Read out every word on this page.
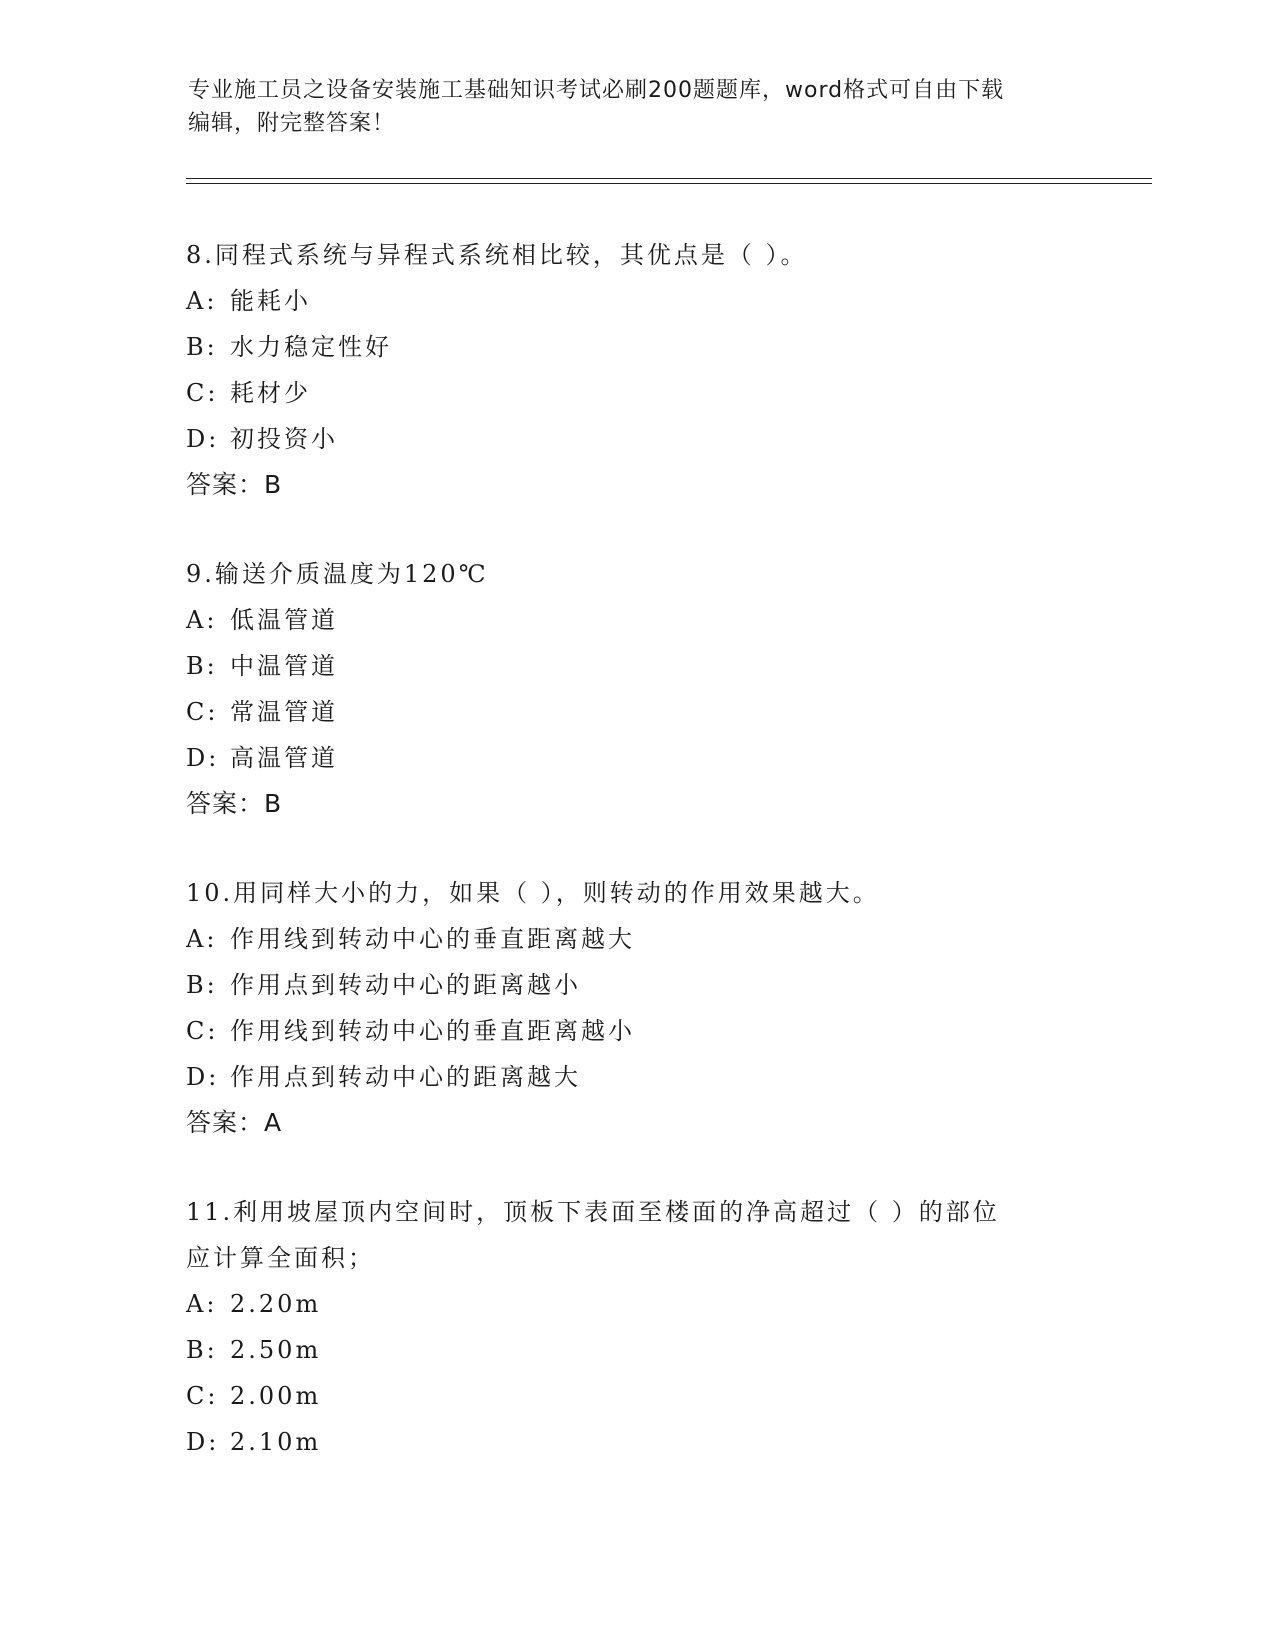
专业施工员之设备安装施工基础知识考试必刷200题题库，word格式可自由下载
编辑，附完整答案！
8.同程式系统与异程式系统相比较，其优点是（ ）。
A: 能耗小
B: 水力稳定性好
C: 耗材少
D: 初投资小
答案：B
9.输送介质温度为120℃
A: 低温管道
B: 中温管道
C: 常温管道
D: 高温管道
答案：B
10.用同样大小的力，如果（ ），则转动的作用效果越大。
A: 作用线到转动中心的垂直距离越大
B: 作用点到转动中心的距离越小
C: 作用线到转动中心的垂直距离越小
D: 作用点到转动中心的距离越大
答案：A
11.利用坡屋顶内空间时，顶板下表面至楼面的净高超过（ ）的部位
应计算全面积；
A: 2.20m
B: 2.50m
C: 2.00m
D: 2.10m
